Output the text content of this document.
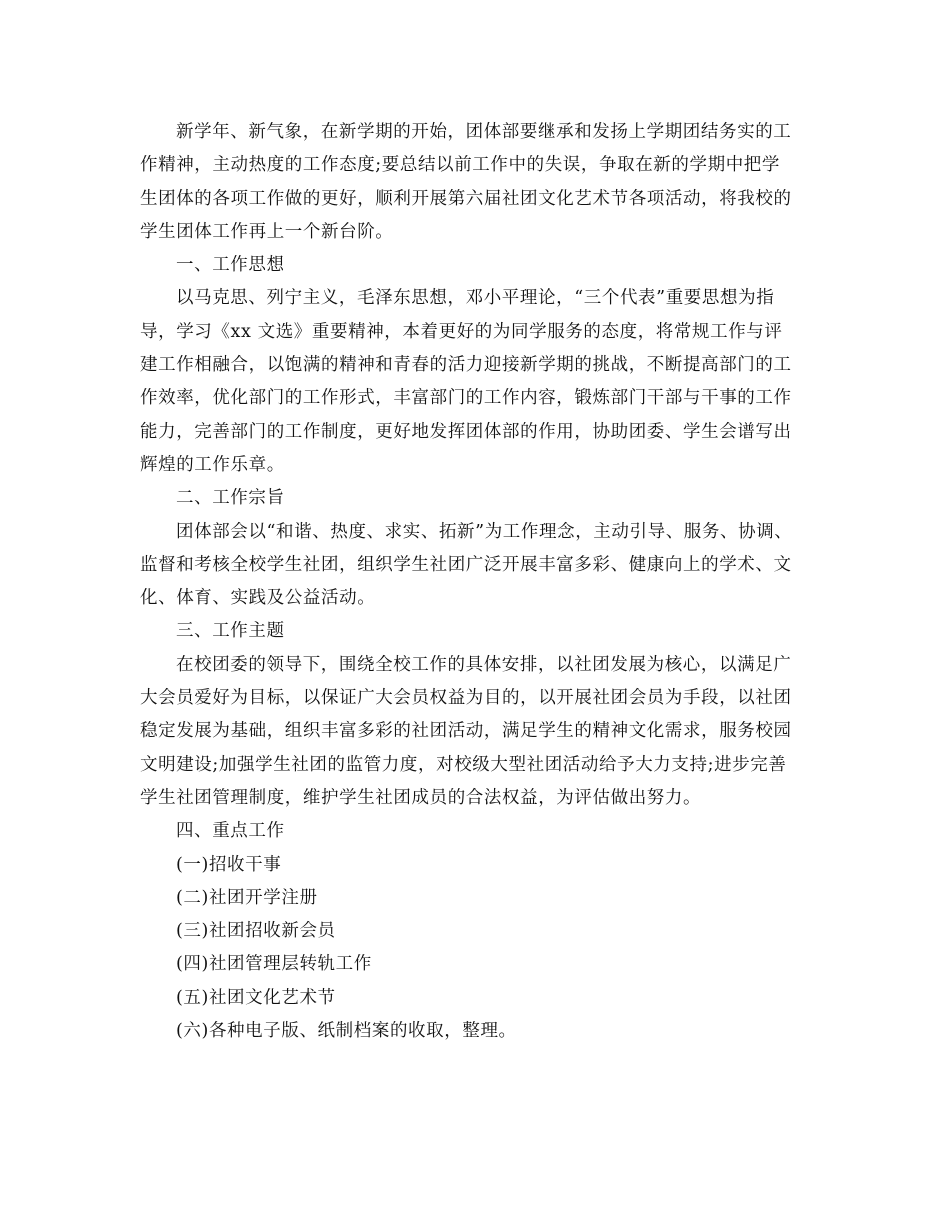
新学年、新气象，在新学期的开始，团体部要继承和发扬上学期团结务实的工
作精神，主动热度的工作态度;要总结以前工作中的失误，争取在新的学期中把学
生团体的各项工作做的更好，顺利开展第六届社团文化艺术节各项活动，将我校的
学生团体工作再上一个新台阶。
一、工作思想
以马克思、列宁主义，毛泽东思想，邓小平理论，“三个代表”重要思想为指
导，学习《xx 文选》重要精神，本着更好的为同学服务的态度，将常规工作与评
建工作相融合，以饱满的精神和青春的活力迎接新学期的挑战，不断提高部门的工
作效率，优化部门的工作形式，丰富部门的工作内容，锻炼部门干部与干事的工作
能力，完善部门的工作制度，更好地发挥团体部的作用，协助团委、学生会谱写出
辉煌的工作乐章。
二、工作宗旨
团体部会以“和谐、热度、求实、拓新”为工作理念，主动引导、服务、协调、
监督和考核全校学生社团，组织学生社团广泛开展丰富多彩、健康向上的学术、文
化、体育、实践及公益活动。
三、工作主题
在校团委的领导下，围绕全校工作的具体安排，以社团发展为核心，以满足广
大会员爱好为目标，以保证广大会员权益为目的，以开展社团会员为手段，以社团
稳定发展为基础，组织丰富多彩的社团活动，满足学生的精神文化需求，服务校园
文明建设;加强学生社团的监管力度，对校级大型社团活动给予大力支持;进步完善
学生社团管理制度，维护学生社团成员的合法权益，为评估做出努力。
四、重点工作
(一)招收干事
(二)社团开学注册
(三)社团招收新会员
(四)社团管理层转轨工作
(五)社团文化艺术节
(六)各种电子版、纸制档案的收取，整理。
